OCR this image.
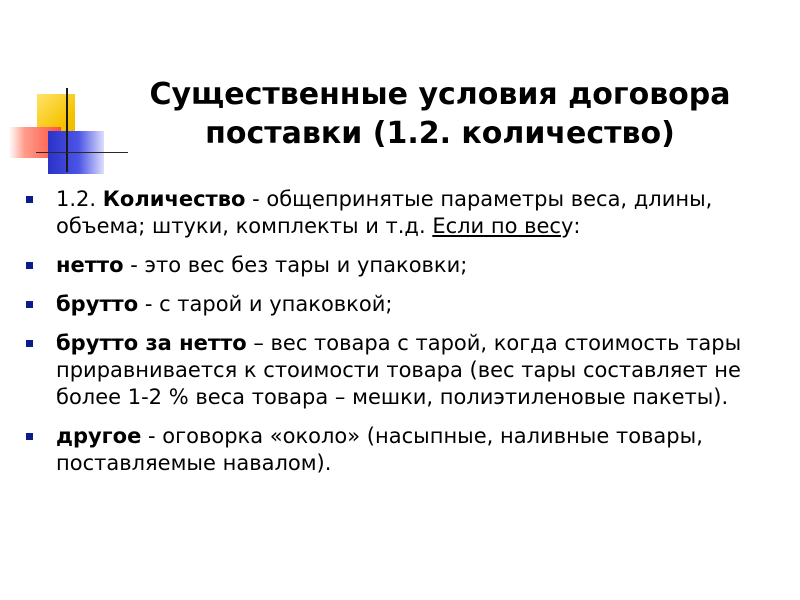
Существенные условия договора
поставки (1.2. количество)
1.2. Количество - общепринятые параметры веса, длины, объема; штуки, комплекты и т.д. Если по весу:
нетто - это вес без тары и упаковки;
брутто - с тарой и упаковкой;
брутто за нетто – вес товара с тарой, когда стоимость тары приравнивается к стоимости товара (вес тары составляет не более 1-2 % веса товара – мешки, полиэтиленовые пакеты).
другое - оговорка «около» (насыпные, наливные товары, поставляемые навалом).
